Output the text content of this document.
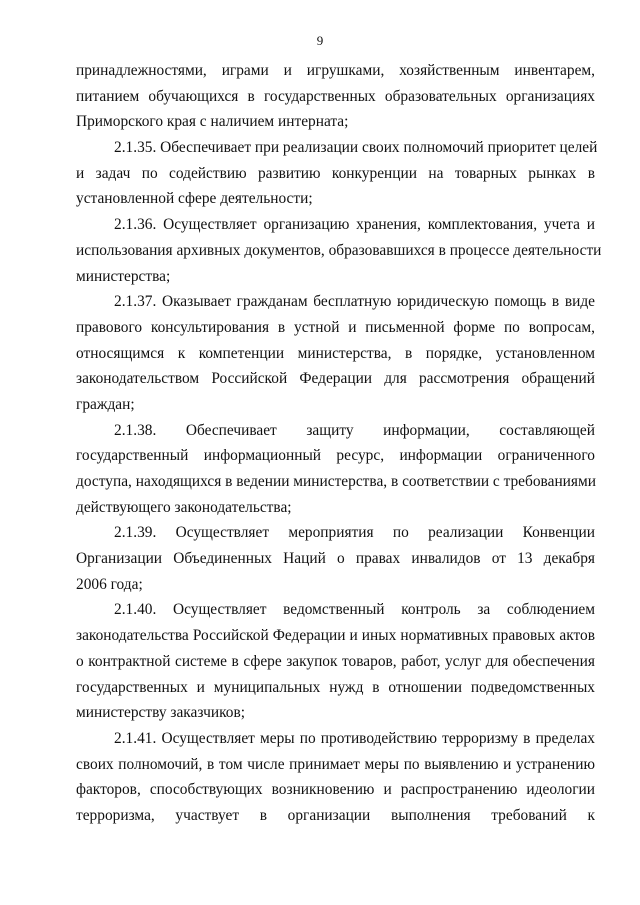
9
принадлежностями, играми и игрушками, хозяйственным инвентарем,
питанием обучающихся в государственных образовательных организациях
Приморского края с наличием интерната;
2.1.35. Обеспечивает при реализации своих полномочий приоритет целей
и задач по содействию развитию конкуренции на товарных рынках в
установленной сфере деятельности;
2.1.36. Осуществляет организацию хранения, комплектования, учета и
использования архивных документов, образовавшихся в процессе деятельности
министерства;
2.1.37. Оказывает гражданам бесплатную юридическую помощь в виде
правового консультирования в устной и письменной форме по вопросам,
относящимся к компетенции министерства, в порядке, установленном
законодательством Российской Федерации для рассмотрения обращений
граждан;
2.1.38. Обеспечивает защиту информации, составляющей
государственный информационный ресурс, информации ограниченного
доступа, находящихся в ведении министерства, в соответствии с требованиями
действующего законодательства;
2.1.39. Осуществляет мероприятия по реализации Конвенции
Организации Объединенных Наций о правах инвалидов от 13 декабря
2006 года;
2.1.40. Осуществляет ведомственный контроль за соблюдением
законодательства Российской Федерации и иных нормативных правовых актов
о контрактной системе в сфере закупок товаров, работ, услуг для обеспечения
государственных и муниципальных нужд в отношении подведомственных
министерству заказчиков;
2.1.41. Осуществляет меры по противодействию терроризму в пределах
своих полномочий, в том числе принимает меры по выявлению и устранению
факторов, способствующих возникновению и распространению идеологии
терроризма, участвует в организации выполнения требований к
